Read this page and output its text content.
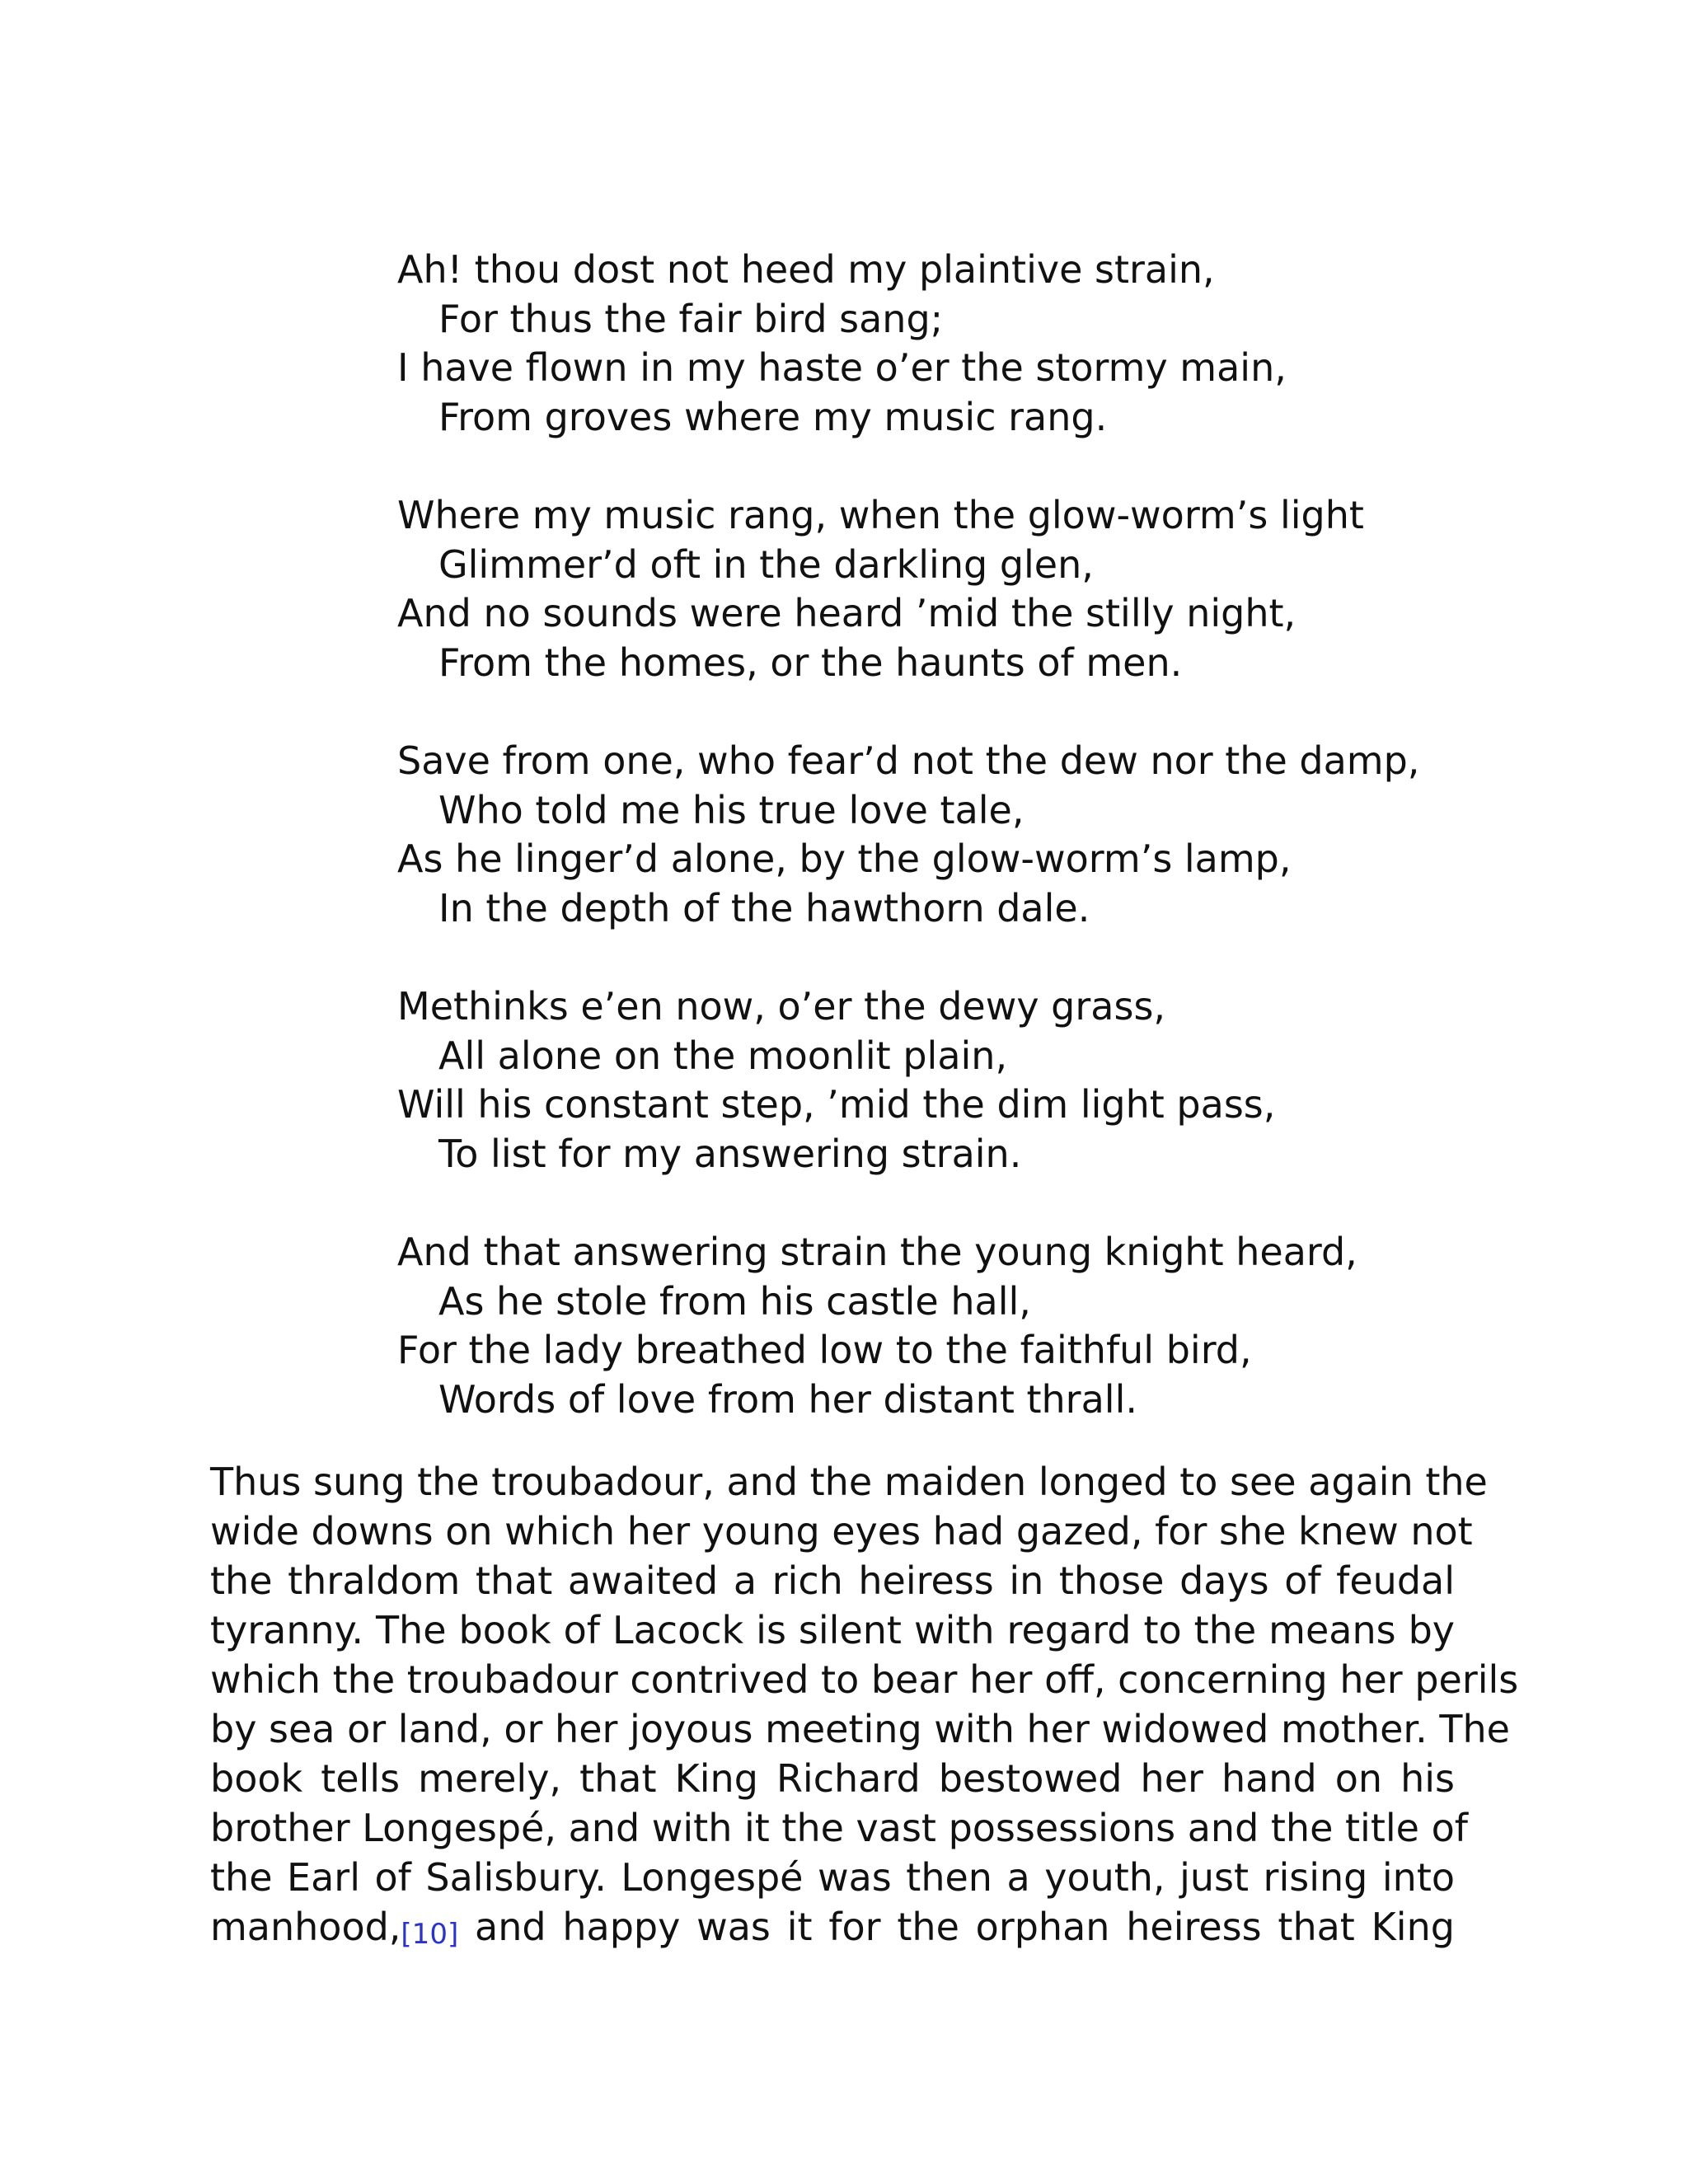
Ah! thou dost not heed my plaintive strain,
For thus the fair bird sang;
I have flown in my haste o’er the stormy main,
From groves where my music rang.
Where my music rang, when the glow-worm’s light
Glimmer’d oft in the darkling glen,
And no sounds were heard ’mid the stilly night,
From the homes, or the haunts of men.
Save from one, who fear’d not the dew nor the damp,
Who told me his true love tale,
As he linger’d alone, by the glow-worm’s lamp,
In the depth of the hawthorn dale.
Methinks e’en now, o’er the dewy grass,
All alone on the moonlit plain,
Will his constant step, ’mid the dim light pass,
To list for my answering strain.
And that answering strain the young knight heard,
As he stole from his castle hall,
For the lady breathed low to the faithful bird,
Words of love from her distant thrall.
Thus sung the troubadour, and the maiden longed to see again the
wide downs on which her young eyes had gazed, for she knew not
the thraldom that awaited a rich heiress in those days of feudal
tyranny. The book of Lacock is silent with regard to the means by
which the troubadour contrived to bear her off, concerning her perils
by sea or land, or her joyous meeting with her widowed mother. The
book tells merely, that King Richard bestowed her hand on his
brother Longespé, and with it the vast possessions and the title of
the Earl of Salisbury. Longespé was then a youth, just rising into
manhood,[10] and happy was it for the orphan heiress that King
